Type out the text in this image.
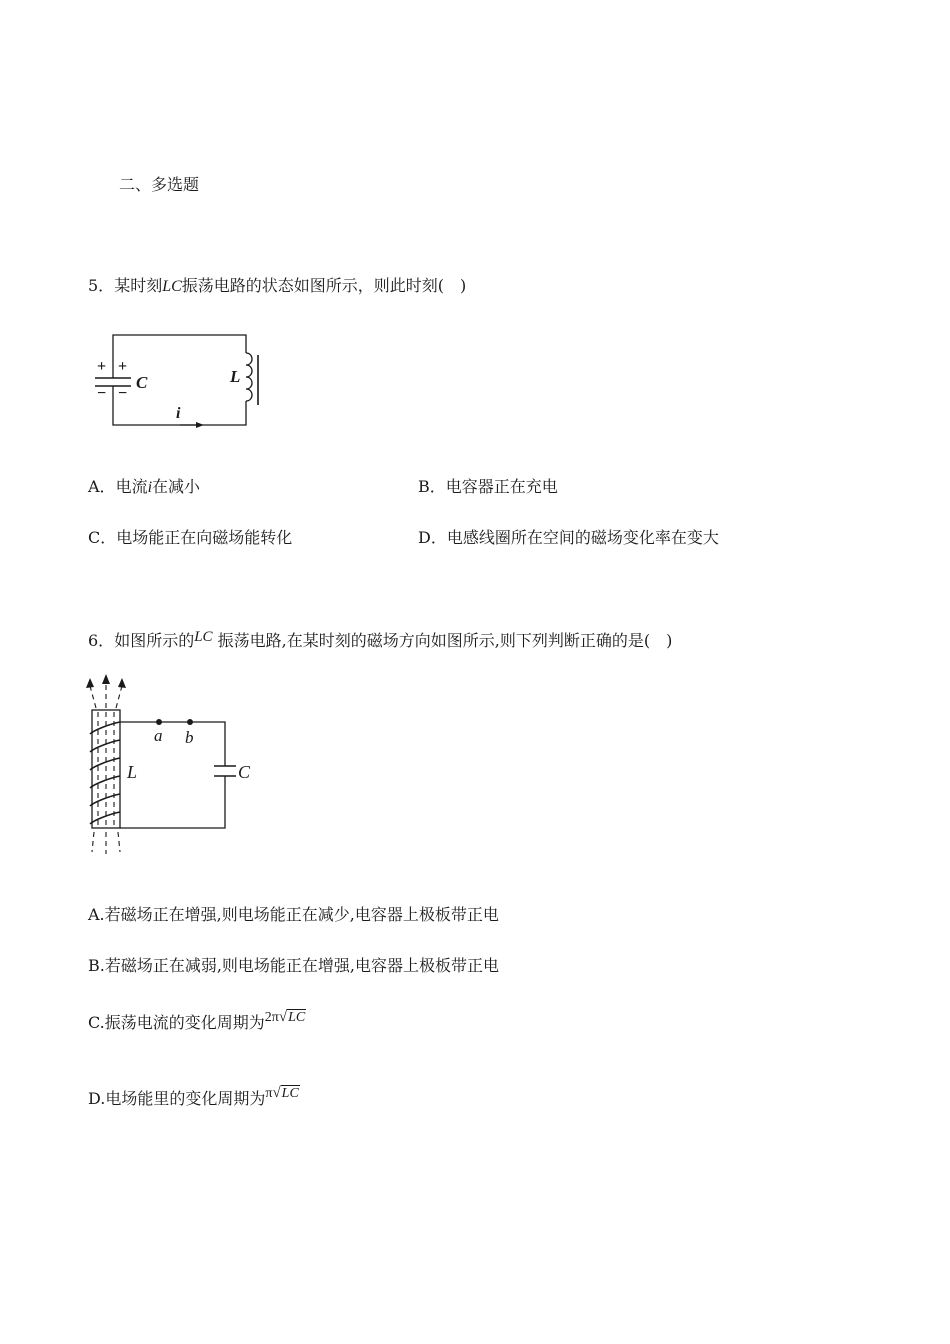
二、多选题
5．某时刻LC振荡电路的状态如图所示，则此时刻(　)
+ +
− −
C	L
i
A．电流i在减小	B．电容器正在充电
C．电场能正在向磁场能转化	D．电感线圈所在空间的磁场变化率在变大
6．如图所示的LC 振荡电路,在某时刻的磁场方向如图所示,则下列判断正确的是(　)
a b
L	C
A.若磁场正在增强,则电场能正在减少,电容器上极板带正电
B.若磁场正在减弱,则电场能正在增强,电容器上极板带正电
C.振荡电流的变化周期为2π√LC
D.电场能里的变化周期为π√LC
